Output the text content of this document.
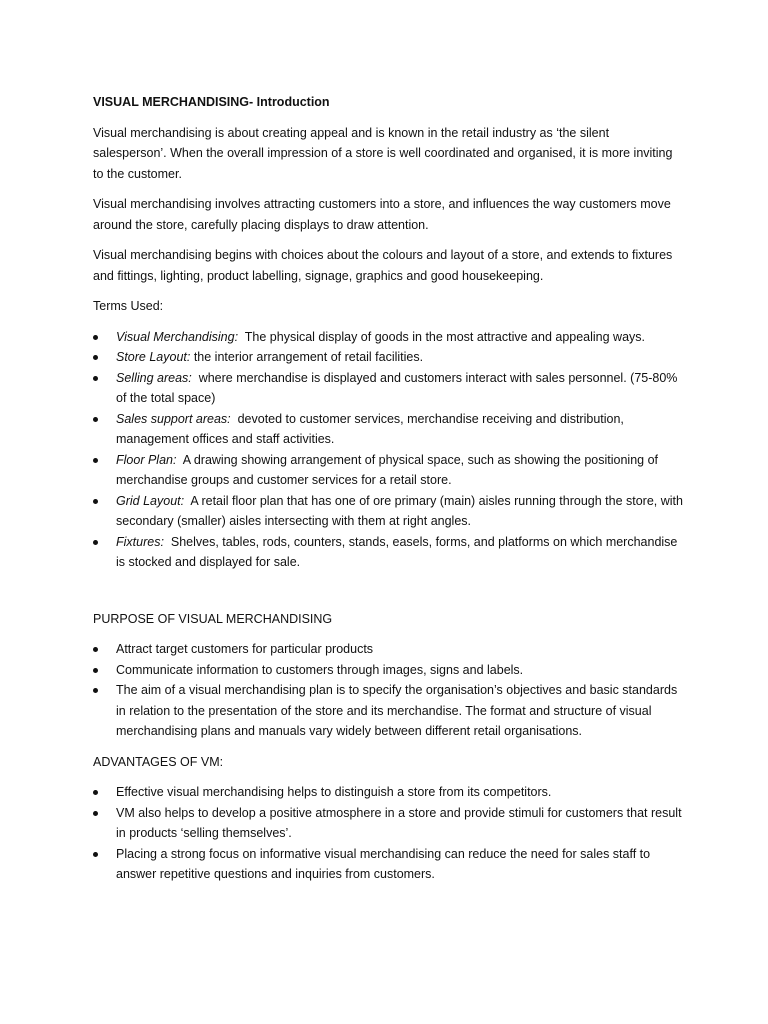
VISUAL MERCHANDISING- Introduction

Visual merchandising is about creating appeal and is known in the retail industry as ‘the silent salesperson’. When the overall impression of a store is well coordinated and organised, it is more inviting to the customer.

Visual merchandising involves attracting customers into a store, and influences the way customers move around the store, carefully placing displays to draw attention.

Visual merchandising begins with choices about the colours and layout of a store, and extends to fixtures and fittings, lighting, product labelling, signage, graphics and good housekeeping.

Terms Used:
Visual Merchandising:  The physical display of goods in the most attractive and appealing ways.
Store Layout: the interior arrangement of retail facilities.
Selling areas:  where merchandise is displayed and customers interact with sales personnel. (75-80% of the total space)
Sales support areas:  devoted to customer services, merchandise receiving and distribution, management offices and staff activities.
Floor Plan:  A drawing showing arrangement of physical space, such as showing the positioning of merchandise groups and customer services for a retail store.
Grid Layout:  A retail floor plan that has one of ore primary (main) aisles running through the store, with secondary (smaller) aisles intersecting with them at right angles.
Fixtures:  Shelves, tables, rods, counters, stands, easels, forms, and platforms on which merchandise is stocked and displayed for sale.
PURPOSE OF VISUAL MERCHANDISING
Attract target customers for particular products
Communicate information to customers through images, signs and labels.
The aim of a visual merchandising plan is to specify the organisation’s objectives and basic standards in relation to the presentation of the store and its merchandise. The format and structure of visual merchandising plans and manuals vary widely between different retail organisations.
ADVANTAGES OF VM:
Effective visual merchandising helps to distinguish a store from its competitors.
VM also helps to develop a positive atmosphere in a store and provide stimuli for customers that result in products ‘selling themselves’.
Placing a strong focus on informative visual merchandising can reduce the need for sales staff to answer repetitive questions and inquiries from customers.
